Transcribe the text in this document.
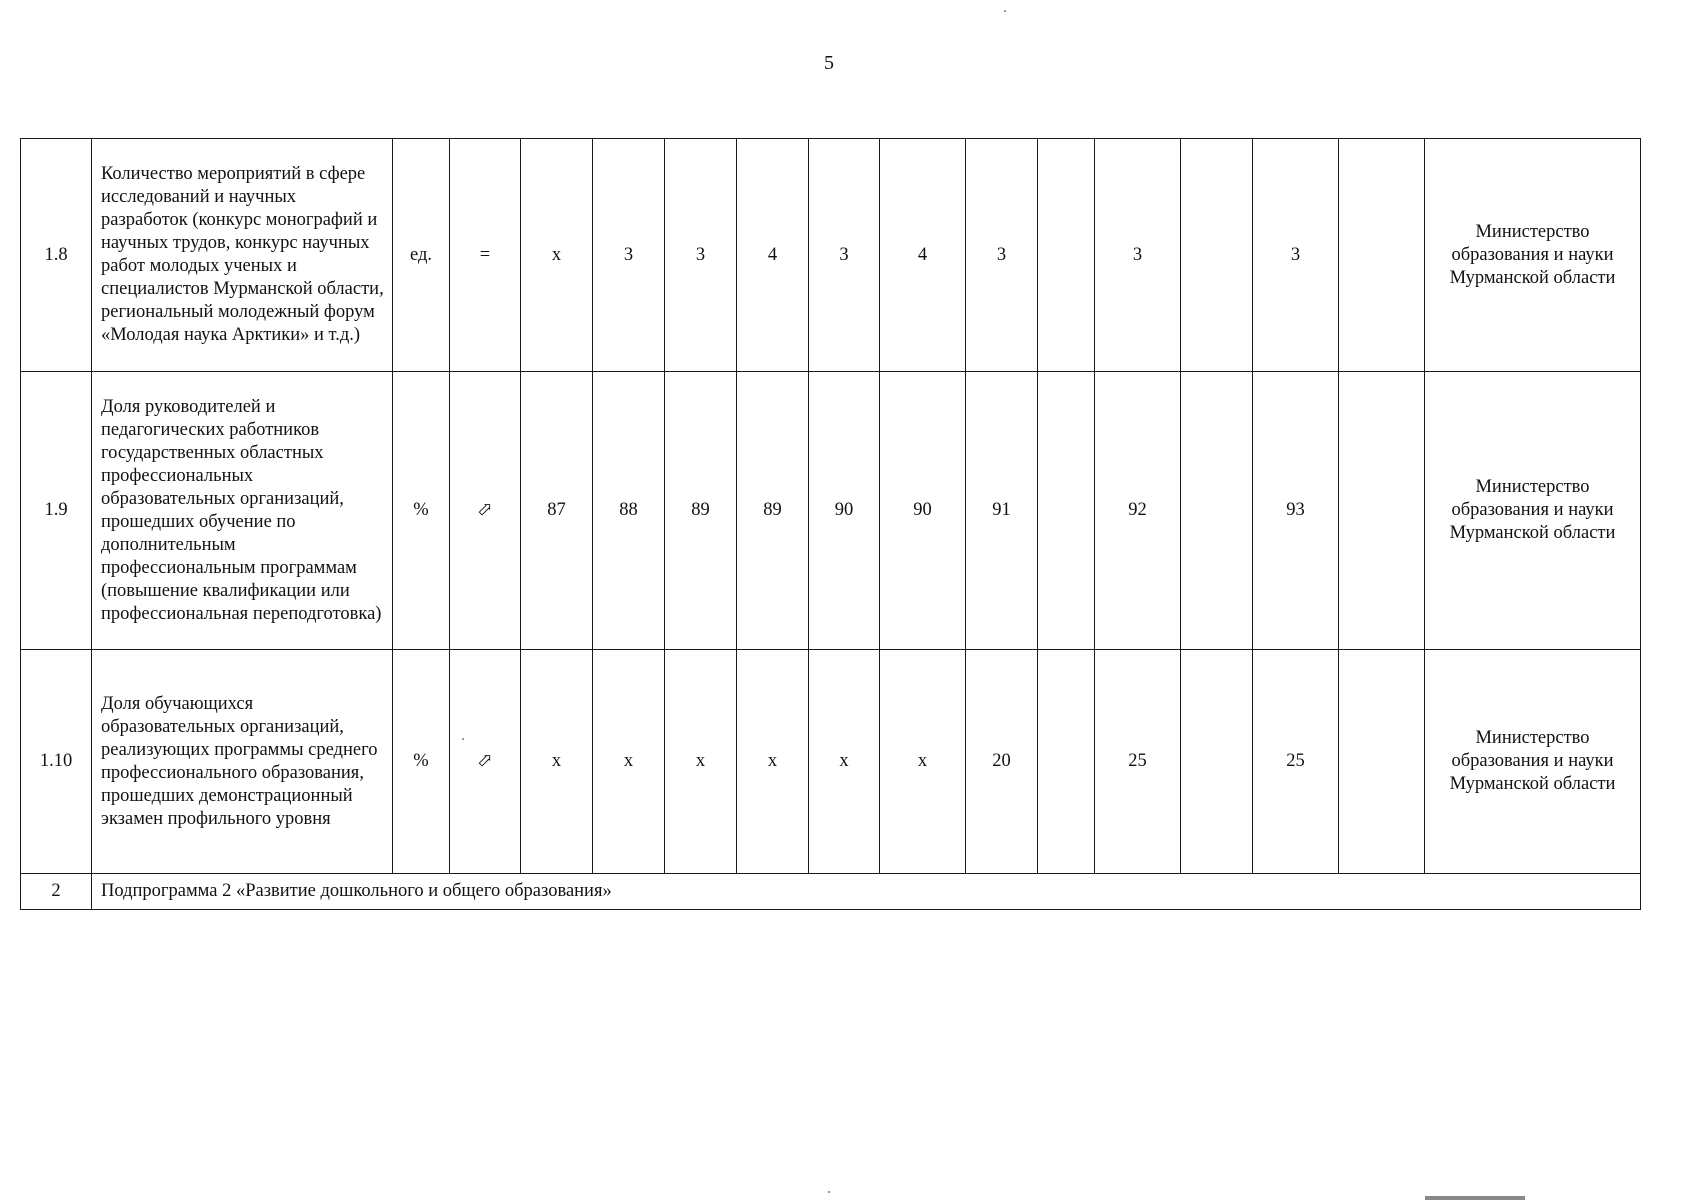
5
1.8	Количество мероприятий в сфере исследований и научных разработок (конкурс монографий и научных трудов, конкурс научных работ молодых ученых и специалистов Мурманской области, региональный молодежный форум «Молодая наука Арктики» и т.д.)	ед.	=	х	3	3	4	3	4	3		3		3		Министерство образования и науки Мурманской области
1.9	Доля руководителей и педагогических работников государственных областных профессиональных образовательных организаций, прошедших обучение по дополнительным профессиональным программам (повышение квалификации или профессиональная переподготовка)	%	⬀	87	88	89	89	90	90	91		92		93		Министерство образования и науки Мурманской области
1.10	Доля обучающихся образовательных организаций, реализующих программы среднего профессионального образования, прошедших демонстрационный экзамен профильного уровня	%	⬀	х	х	х	х	х	х	20		25		25		Министерство образования и науки Мурманской области
2	Подпрограмма 2 «Развитие дошкольного и общего образования»															
